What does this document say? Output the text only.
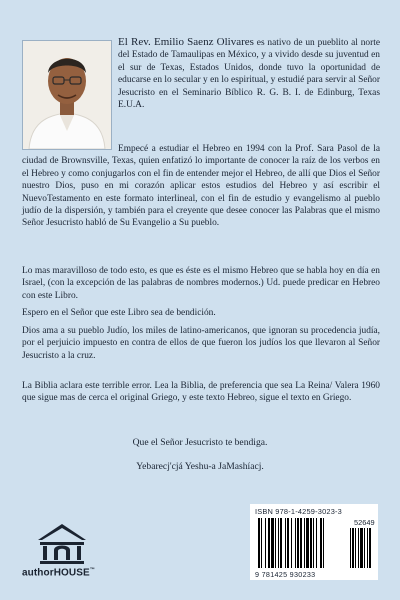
El Rev. Emilio Saenz Olivares es nativo de un pueblito al norte del Estado de Tamaulipas en México, y a vivido desde su juventud en el sur de Texas, Estados Unidos, donde tuvo la oportunidad de educarse en lo secular y en lo espiritual, y estudié para servir al Señor Jesucristo en el Seminario Bíblico R. G. B. I. de Edinburg, Texas E.U.A.

Empecé a estudiar el Hebreo en 1994 con la Prof. Sara Pasol de la ciudad de Brownsville, Texas, quien enfatizó lo importante de conocer la raíz de los verbos en el Hebreo y como conjugarlos con el fin de entender mejor el Hebreo, de allí que Dios el Señor nuestro Dios, puso en mi corazón aplicar estos estudios del Hebreo y así escribir el NuevoTestamento en este formato interlineal, con el fin de estudio y evangelismo al pueblo judío de la dispersión, y también para el creyente que desee conocer las Palabras que el mismo Señor Jesucristo habló de Su Evangelio a Su pueblo.

Lo mas maravilloso de todo esto, es que es éste es el mismo Hebreo que se habla hoy en día en Israel, (con la excepción de las palabras de nombres modernos.) Ud. puede predicar en Hebreo con este Libro.

Espero en el Señor que este Libro sea de bendición.

Dios ama a su pueblo Judío, los miles de latino-americanos, que ignoran su procedencia judía, por el perjuicio impuesto en contra de ellos de que fueron los judíos los que llevaron al Señor Jesucristo a la cruz.

La Biblia aclara este terrible error. Lea la Biblia, de preferencia que sea La Reina/ Valera 1960 que sigue mas de cerca el original Griego, y este texto Hebreo, sigue el texto en Griego.

Que el Señor Jesucristo te bendiga.

Yebarecj'cjá Yeshu-a JaMashíacj.

authorHOUSE™
ISBN 978-1-4259-3023-3
52649
9 781425 930233
